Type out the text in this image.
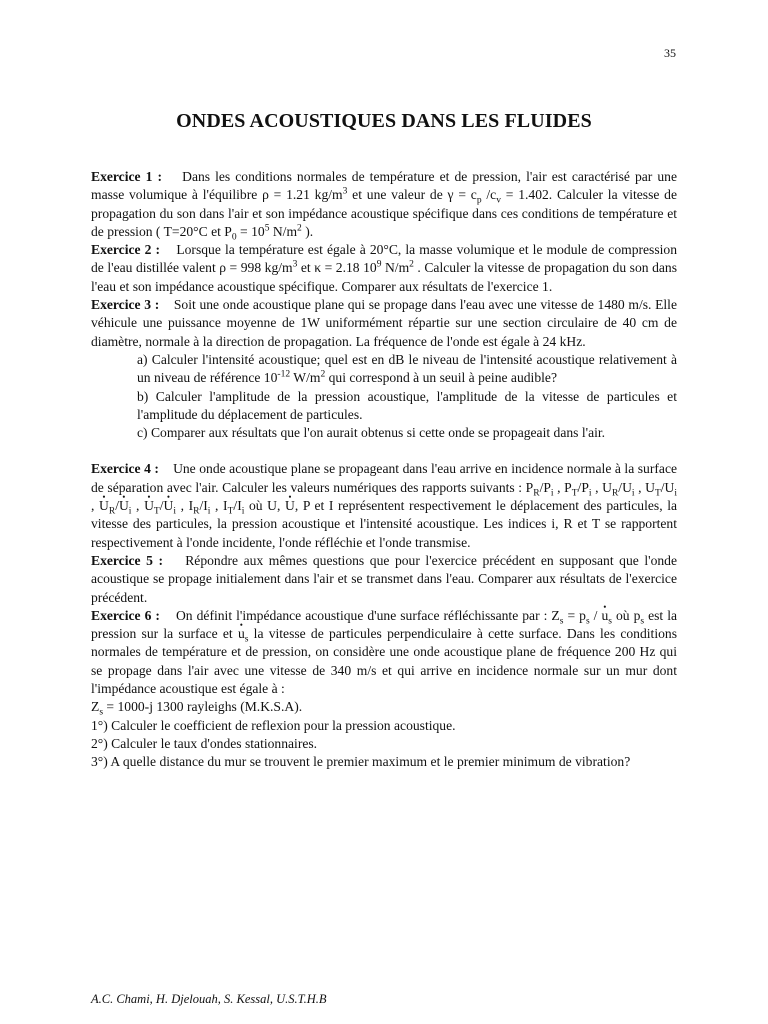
35
ONDES ACOUSTIQUES DANS LES FLUIDES

Exercice 1 : Dans les conditions normales de température et de pression, l'air est caractérisé par une masse volumique à l'équilibre ρ = 1.21 $kg/m^3$ et une valeur de $\gamma = c_p$ $/c_v = 1.402$. Calculer la vitesse de propagation du son dans l'air et son impédance acoustique spécifique dans ces conditions de température et de pression ( T=20°C et $P_0 = 10^5$ $N/m^2$ ).

Exercice 2 : Lorsque la température est égale à 20°C, la masse volumique et le module de compression de l'eau distillée valent ρ = 998 $kg/m^3$ et κ = 2.18 $10^9$ $N/m^2$ . Calculer la vitesse de propagation du son dans l'eau et son impédance acoustique spécifique. Comparer aux résultats de l'exercice 1.

Exercice 3 : Soit une onde acoustique plane qui se propage dans l'eau avec une vitesse de 1480 m/s. Elle véhicule une puissance moyenne de 1W uniformément répartie sur une section circulaire de 40 cm de diamètre, normale à la direction de propagation. La fréquence de l'onde est égale à 24 kHz.

a) Calculer l'intensité acoustique; quel est en dB le niveau de l'intensité acoustique relativement à un niveau de référence $10^{-12}$ $W/m^2$ qui correspond à un seuil à peine audible?

b) Calculer l'amplitude de la pression acoustique, l'amplitude de la vitesse de particules et l'amplitude du déplacement de particules.

c) Comparer aux résultats que l'on aurait obtenus si cette onde se propageait dans l'air.

Exercice 4 : Une onde acoustique plane se propageant dans l'eau arrive en incidence normale à la surface de séparation avec l'air. Calculer les valeurs numériques des rapports suivants : $P_R/P_i$ , $P_T/P_i$ , $U_R/U_i$ , $U_T/U_i$ , • $U_R/•$ $U_i$ , • $U_T/•$ $U_i$ , $I_R/I_i$ , $I_T/I_i$ où U, • U, P et I représentent respectivement le déplacement des particules, la vitesse des particules, la pression acoustique et l'intensité acoustique. Les indices i, R et T se rapportent respectivement à l'onde incidente, l'onde réfléchie et l'onde transmise.

Exercice 5 : Répondre aux mêmes questions que pour l'exercice précédent en supposant que l'onde acoustique se propage initialement dans l'air et se transmet dans l'eau. Comparer aux résultats de l'exercice précédent.

Exercice 6 : On définit l'impédance acoustique d'une surface réfléchissante par : $Z_s = p_s$ / • $u_s$ où $p_s$ est la pression sur la surface et • $u_s$ la vitesse de particules perpendiculaire à cette surface. Dans les conditions normales de température et de pression, on considère une onde acoustique plane de fréquence 200 Hz qui se propage dans l'air avec une vitesse de 340 m/s et qui arrive en incidence normale sur un mur dont l'impédance acoustique est égale à :

$Z_s = 1000-j$ 1300 rayleighs (M.K.S.A).

1°) Calculer le coefficient de reflexion pour la pression acoustique.

2°) Calculer le taux d'ondes stationnaires.

3°) A quelle distance du mur se trouvent le premier maximum et le premier minimum de vibration?

A.C. Chami, H. Djelouah, S. Kessal, U.S.T.H.B
